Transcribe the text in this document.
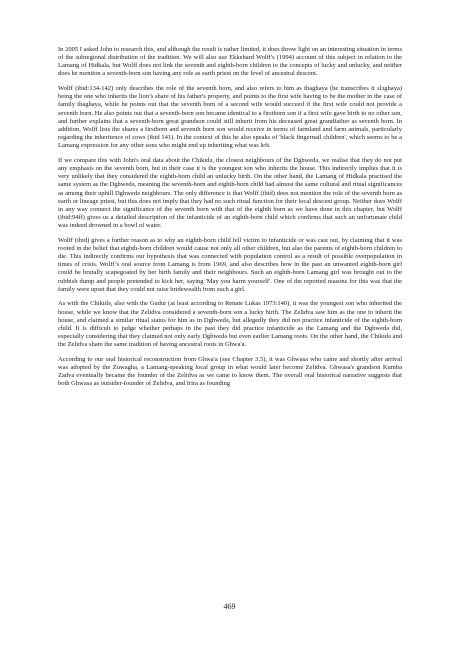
In 2005 I asked John to research this, and although the result is rather limited, it does throw light on an interesting situation in terms of the subregional distribution of the tradition. We will also use Ekkehard Wolff's (1994) account of this subject in relation to the Lamang of Hidkala, but Wolff does not link the seventh and eighth-born children to the concepts of lucky and unlucky, and neither does he mention a seventh-born son having any role as earth priest on the level of ancestral descent.

Wolff (ibid:134-142) only describes the role of the seventh born, and also refers to him as thaghaya (he transcribes it slɔghaya) being the one who inherits the lion’s share of his father's property, and points to the first wife having to be the mother in the case of family thaghaya, while he points out that the seventh born of a second wife would succeed if the first wife could not provide a seventh born. He also points out that a seventh-born son became identical to a firstborn son if a first wife gave birth to no other son, and further explains that a seventh-born great grandson could still inherit from his deceased great grandfather as seventh born. In addition, Wolff lists the shares a firstborn and seventh born son would receive in terms of farmland and farm animals, particularly regarding the inheritence of cows (ibid 141). In the context of this he also speaks of 'black fingernail children', which seems to be a Lamang expression for any other sons who might end up inheriting what was left.

If we compare this with John's oral data about the Chikidə, the closest neighbours of the Dghwedə, we realise that they do not put any emphasis on the seventh born, but in their case it is the youngest son who inherits the house. This indirectly implies that it is very unlikely that they considered the eighth-born child an unlucky birth. On the other hand, the Lamang of Hidkala practised the same system as the Dghwedə, meaning the seventh-born and eighth-born child had almost the same cultural and ritual significances as among their uphill Dghwedə neighbours. The only difference is that Wolff (ibid) does not mention the role of the seventh born as earth or lineage priest, but this does not imply that they had no such ritual function for their local descent group. Neither does Wolff in any way connect the significance of the seventh born with that of the eighth born as we have done in this chapter, but Wolff (ibid:94ff) gives us a detailed description of the infanticide of an eighth-born child which confirms that such an unfortunate child was indeed drowned in a bowl of water.

Wolff (ibid) gives a further reason as to why an eighth-born child fell victim to infanticide or was cast out, by claiming that it was rooted in the belief that eighth-born children would cause not only all other children, but also the parents of eighth-born children to die. This indirectly confirms our hypothesis that was connected with population control as a result of possible overpopulation in times of crisis. Wolff’s oral source from Lamang is from 1969, and also describes how in the past an unwanted eighth-born girl could be brutally scapegoated by her birth family and their neighbours. Such an eighth-born Lamang girl was brought out to the rubbish dump and people pretended to kick her, saying 'May you harm yourself'. One of the reported reasons for this was that the family were upset that they could not raise bridewealth from such a girl.

As with the Chikidə, also with the Gudur (at least according to Renate Lukas 1973:140), it was the youngest son who inherited the house, while we know that the Zelidva considered a seventh-born son a lucky birth. The Zelidva saw him as the one to inherit the house, and claimed a similar ritual status for him as in Dghwedə, but allegedly they did not practice infanticide of the eighth-born child. It is difficult to judge whether perhaps in the past they did practice infanticide as the Lamang and the Dghwedə did, especially considering that they claimed not only early Dghwedə but even earlier Lamang roots. On the other hand, the Chikidə and the Zelidva share the same tradition of having ancestral roots in Ghwa'a.

According to our oral historical reconstruction from Ghwa'a (see Chapter 3.5), it was Ghwasa who came and shortly after arrival was adopted by the Zuwagha, a Lamang-speaking local group in what would later become Zelidva. Ghwasa's grandson Kumba Zadva eventually became the founder of the Zelidva as we came to know them. The overall oral historical narrative suggests that both Ghwasa as outsider-founder of Zelidva, and Irira as founding

469
